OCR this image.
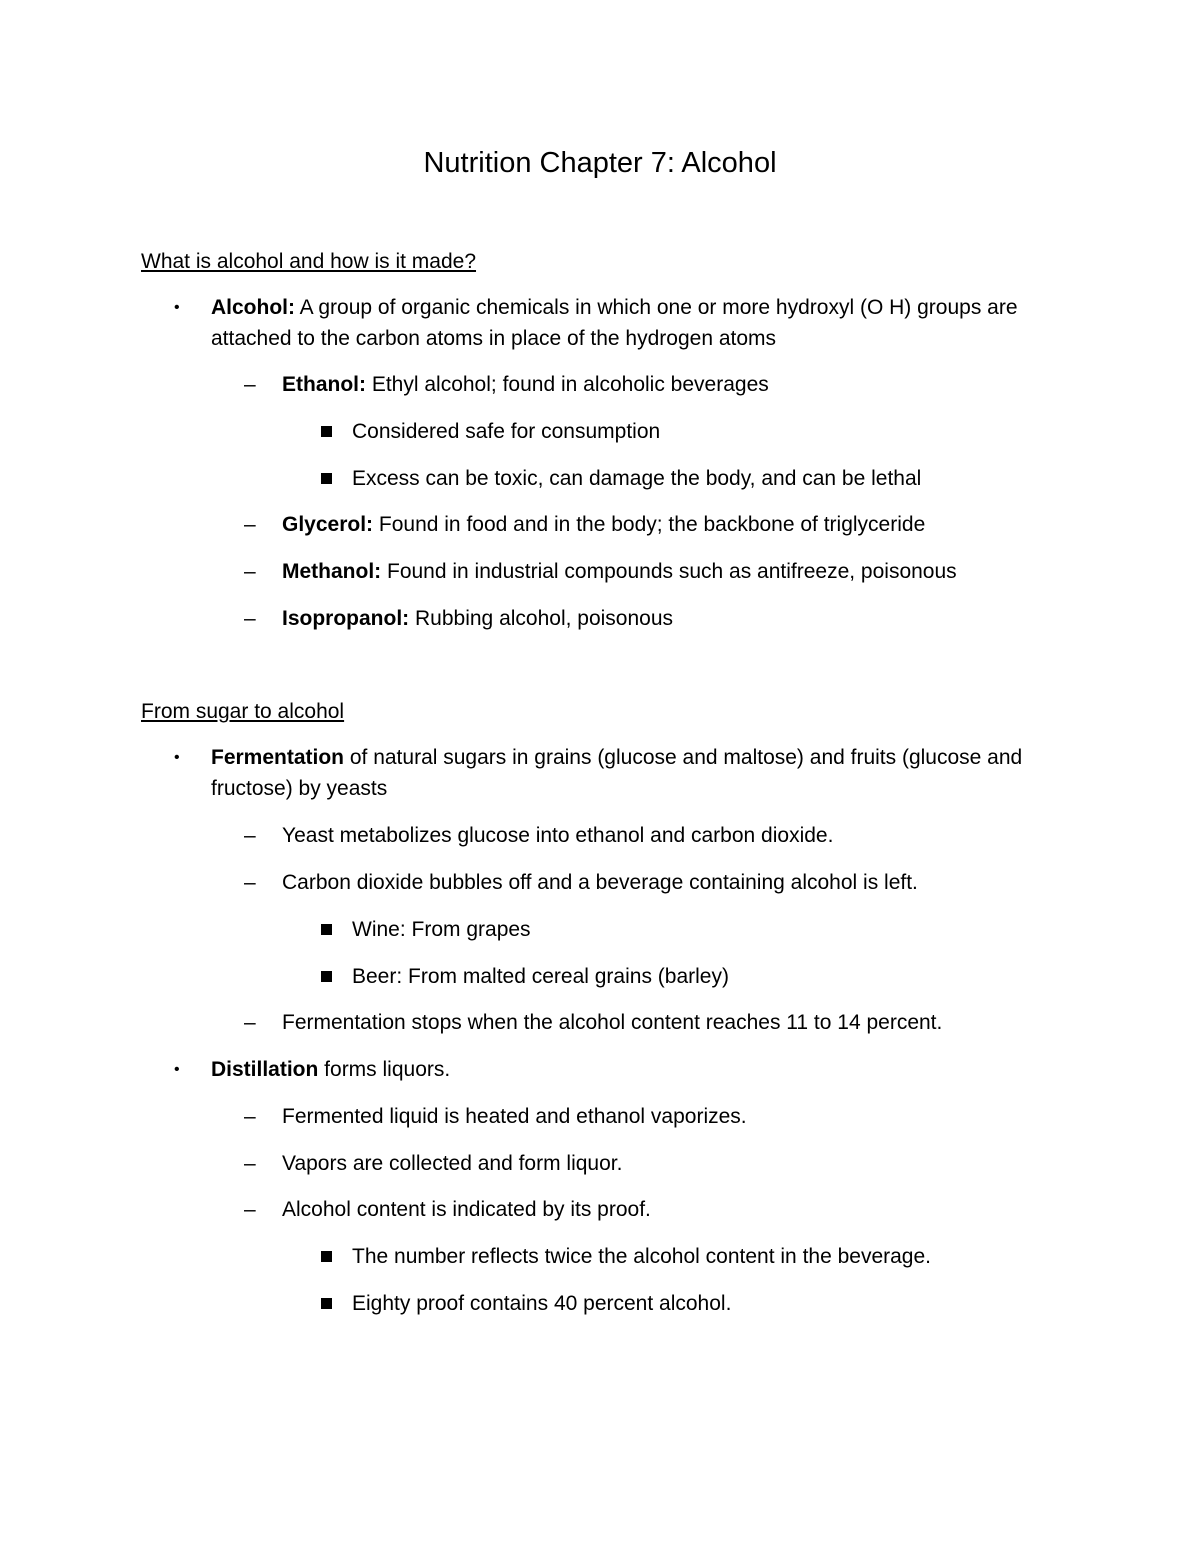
Nutrition Chapter 7: Alcohol
What is alcohol and how is it made?
• Alcohol: A group of organic chemicals in which one or more hydroxyl (O H) groups are attached to the carbon atoms in place of the hydrogen atoms
– Ethanol: Ethyl alcohol; found in alcoholic beverages
Considered safe for consumption
Excess can be toxic, can damage the body, and can be lethal
– Glycerol: Found in food and in the body; the backbone of triglyceride
– Methanol: Found in industrial compounds such as antifreeze, poisonous
– Isopropanol: Rubbing alcohol, poisonous
From sugar to alcohol
• Fermentation of natural sugars in grains (glucose and maltose) and fruits (glucose and fructose) by yeasts
– Yeast metabolizes glucose into ethanol and carbon dioxide.
– Carbon dioxide bubbles off and a beverage containing alcohol is left.
Wine: From grapes
Beer: From malted cereal grains (barley)
– Fermentation stops when the alcohol content reaches 11 to 14 percent.
• Distillation forms liquors.
– Fermented liquid is heated and ethanol vaporizes.
– Vapors are collected and form liquor.
– Alcohol content is indicated by its proof.
The number reflects twice the alcohol content in the beverage.
Eighty proof contains 40 percent alcohol.
